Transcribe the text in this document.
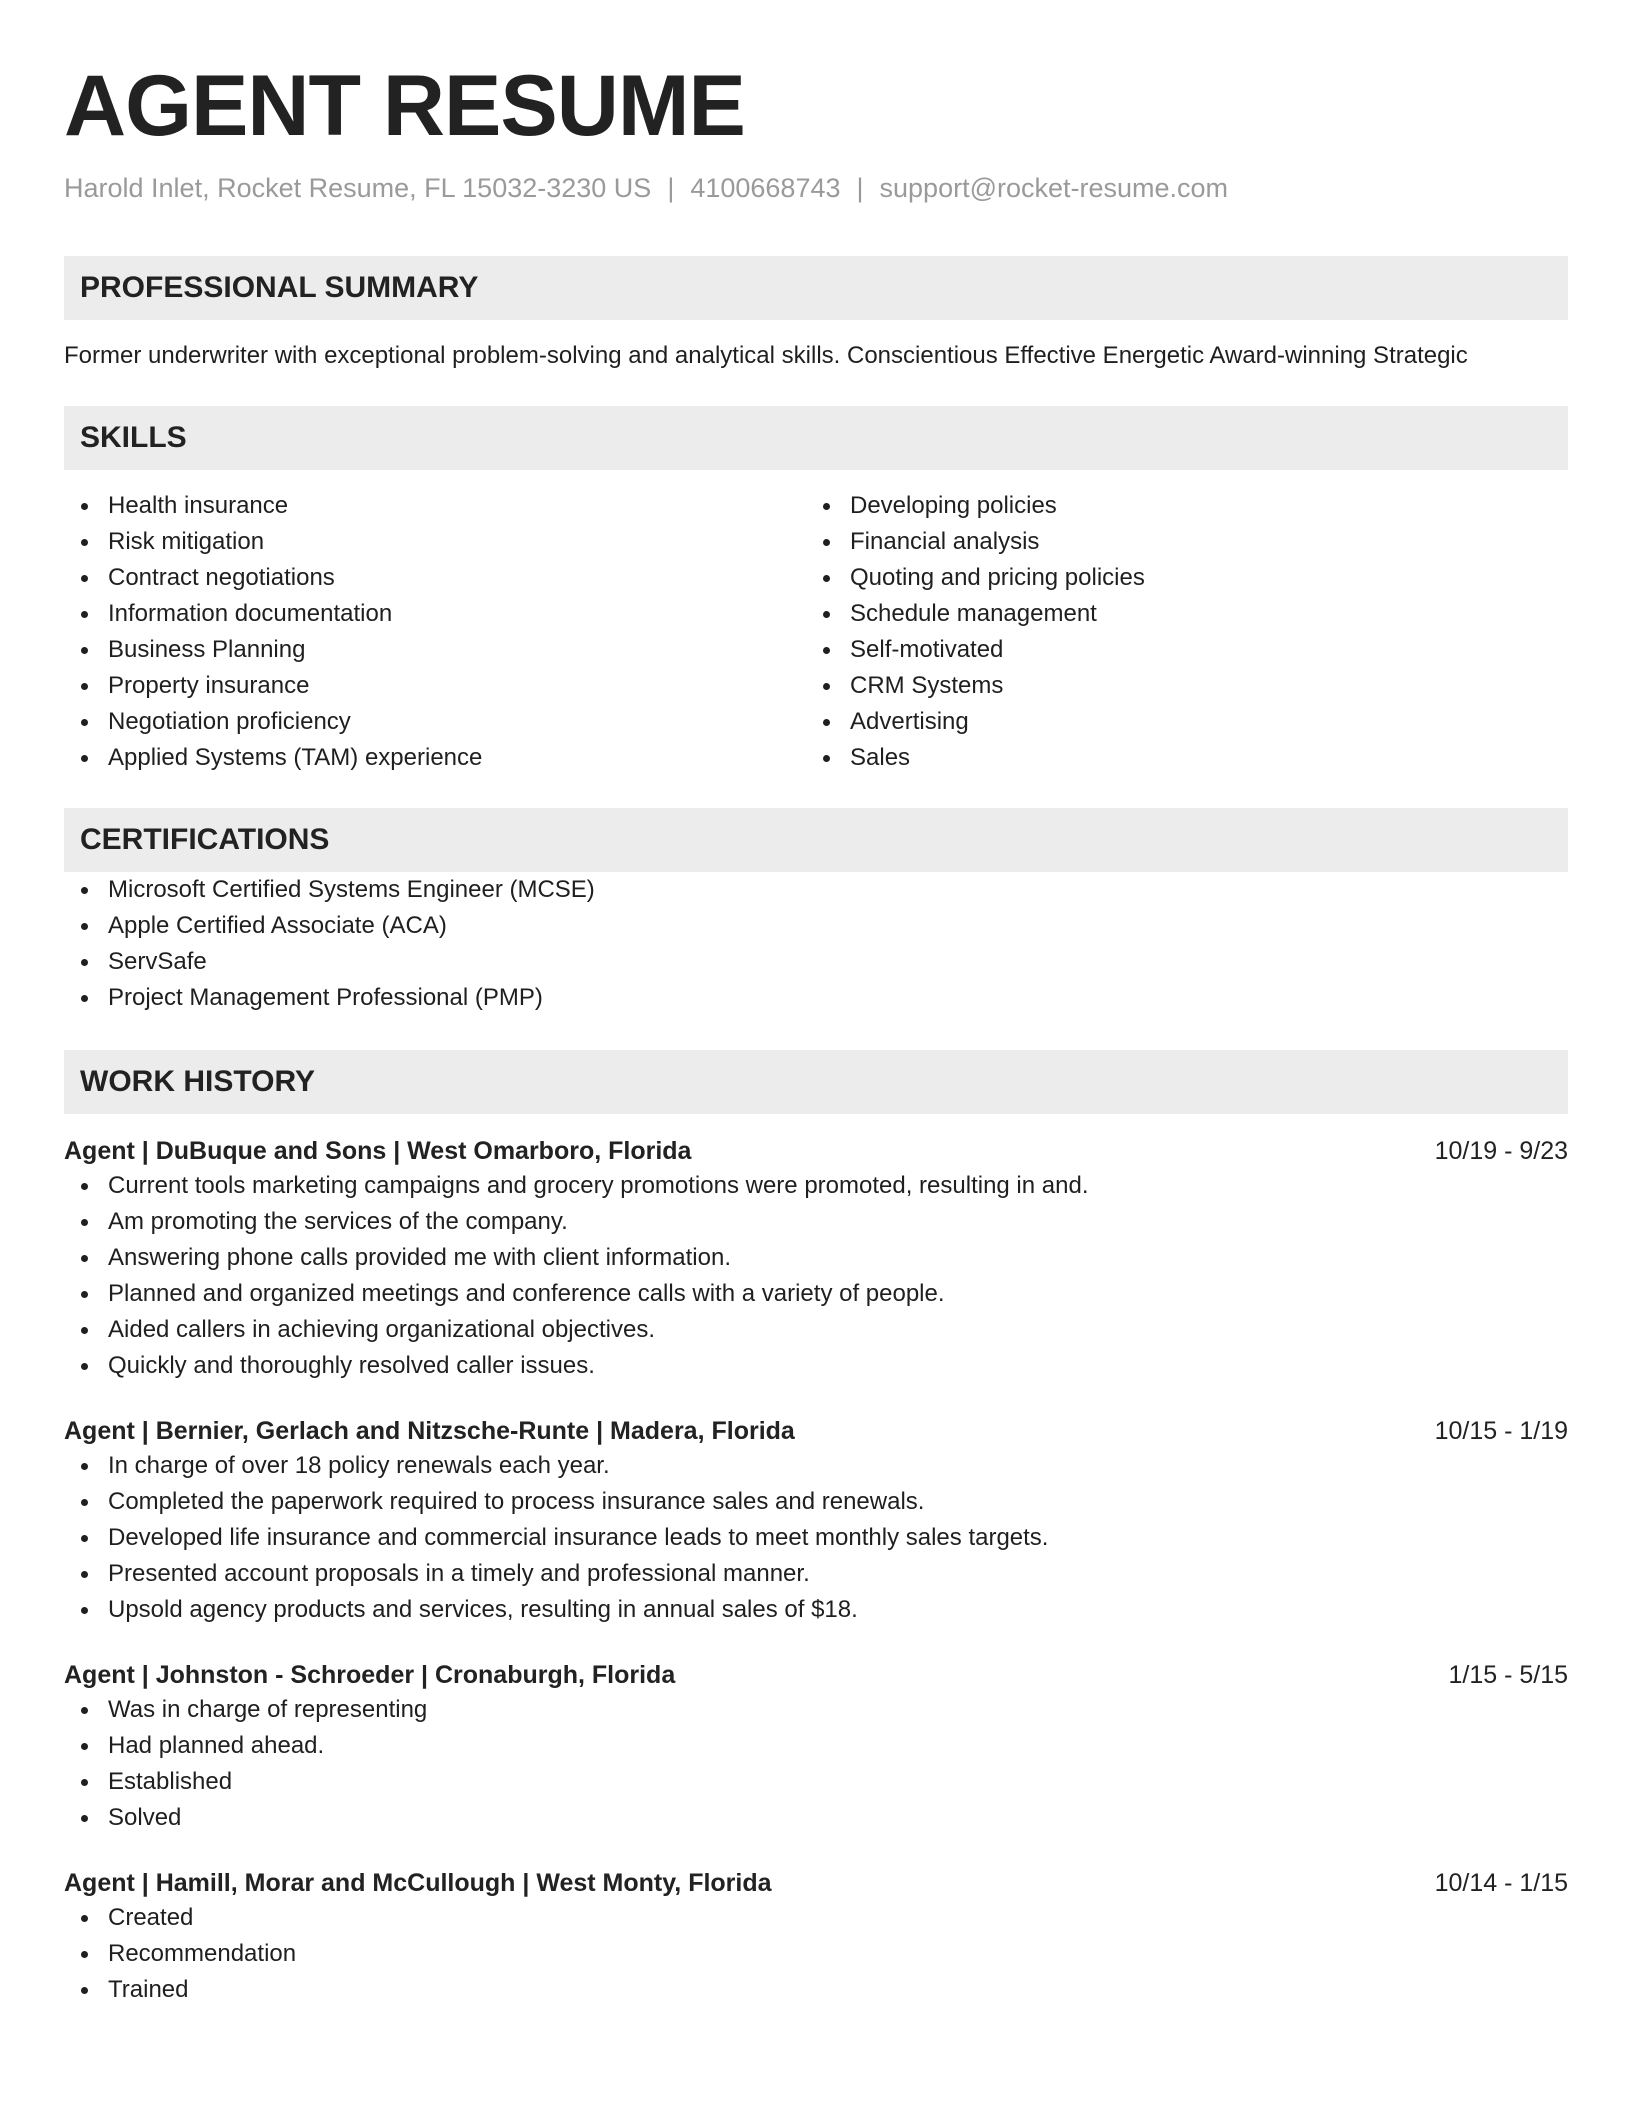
AGENT RESUME
Harold Inlet, Rocket Resume, FL 15032-3230 US | 4100668743 | support@rocket-resume.com
PROFESSIONAL SUMMARY
Former underwriter with exceptional problem-solving and analytical skills. Conscientious Effective Energetic Award-winning Strategic
SKILLS
Health insurance
Risk mitigation
Contract negotiations
Information documentation
Business Planning
Property insurance
Negotiation proficiency
Applied Systems (TAM) experience
Developing policies
Financial analysis
Quoting and pricing policies
Schedule management
Self-motivated
CRM Systems
Advertising
Sales
CERTIFICATIONS
Microsoft Certified Systems Engineer (MCSE)
Apple Certified Associate (ACA)
ServSafe
Project Management Professional (PMP)
WORK HISTORY
Agent | DuBuque and Sons | West Omarboro, Florida	10/19 - 9/23
Current tools marketing campaigns and grocery promotions were promoted, resulting in and.
Am promoting the services of the company.
Answering phone calls provided me with client information.
Planned and organized meetings and conference calls with a variety of people.
Aided callers in achieving organizational objectives.
Quickly and thoroughly resolved caller issues.
Agent | Bernier, Gerlach and Nitzsche-Runte | Madera, Florida	10/15 - 1/19
In charge of over 18 policy renewals each year.
Completed the paperwork required to process insurance sales and renewals.
Developed life insurance and commercial insurance leads to meet monthly sales targets.
Presented account proposals in a timely and professional manner.
Upsold agency products and services, resulting in annual sales of $18.
Agent | Johnston - Schroeder | Cronaburgh, Florida	1/15 - 5/15
Was in charge of representing
Had planned ahead.
Established
Solved
Agent | Hamill, Morar and McCullough | West Monty, Florida	10/14 - 1/15
Created
Recommendation
Trained
